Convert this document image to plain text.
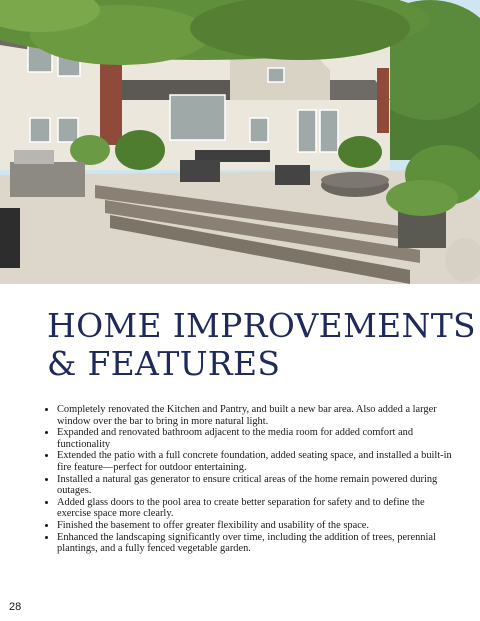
HOME IMPROVEMENTS
& FEATURES
• Completely renovated the Kitchen and Pantry, and built a new bar area. Also added a larger window over the bar to bring in more natural light.
• Expanded and renovated bathroom adjacent to the media room for added comfort and functionality
• Extended the patio with a full concrete foundation, added seating space, and installed a built-in fire feature—perfect for outdoor entertaining.
• Installed a natural gas generator to ensure critical areas of the home remain powered during outages.
• Added glass doors to the pool area to create better separation for safety and to define the exercise space more clearly.
• Finished the basement to offer greater flexibility and usability of the space.
• Enhanced the landscaping significantly over time, including the addition of trees, perennial plantings, and a fully fenced vegetable garden.
28
